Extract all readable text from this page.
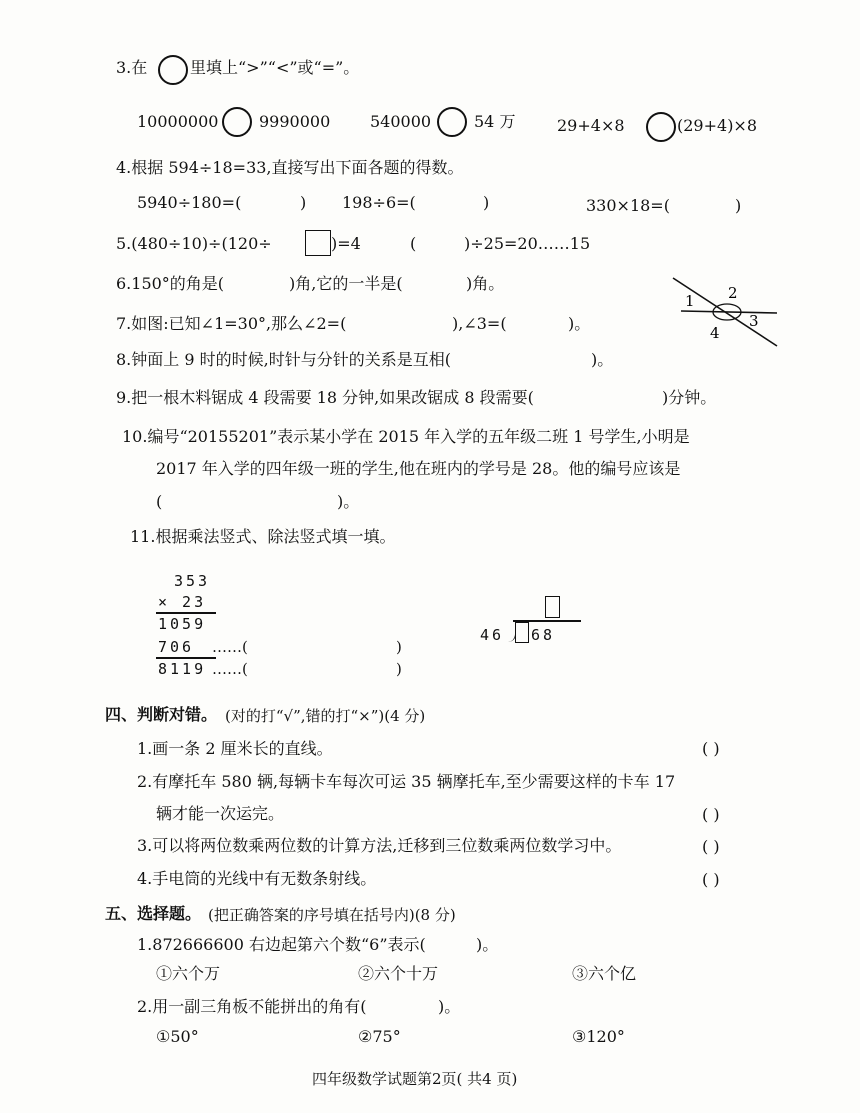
3.在	里填上“>”“<”或“=”。
10000000	9990000 540000	54 万	29+4×8	(29+4)×8
4.根据 594÷18=33,直接写出下面各题的得数。
5940÷180=(	) 198÷6=(	)	330×18=(	)
5.(480÷10)÷(120÷	)=4	(	)÷25=20……15
6.150°的角是(	)角,它的一半是(	)角。
7.如图:已知∠1=30°,那么∠2=(	),∠3=(	)。
1 2
3
4
8.钟面上 9 时的时候,时针与分针的关系是互相(	)。
9.把一根木料锯成 4 段需要 18 分钟,如果改锯成 8 段需要(	)分钟。
10.编号“20155201”表示某小学在 2015 年入学的五年级二班 1 号学生,小明是
2017 年入学的四年级一班的学生,他在班内的学号是 28。他的编号应该是
(	)。
11.根据乘法竖式、除法竖式填一填。
353
× 23
1059
706 ……(	)
8119 ……(	)
46 68
四、判断对错。 (对的打“√”,错的打“×”)(4 分)
1.画一条 2 厘米长的直线。	( )
2.有摩托车 580 辆,每辆卡车每次可运 35 辆摩托车,至少需要这样的卡车 17
辆才能一次运完。	( )
3.可以将两位数乘两位数的计算方法,迁移到三位数乘两位数学习中。	( )
4.手电筒的光线中有无数条射线。	( )
五、选择题。 (把正确答案的序号填在括号内)(8 分)
1.872666600 右边起第六个数“6”表示(	)。
①六个万	②六个十万	③六个亿
2.用一副三角板不能拼出的角有(	)。
①50°	②75°	③120°
四年级数学试题第2页( 共4 页)
